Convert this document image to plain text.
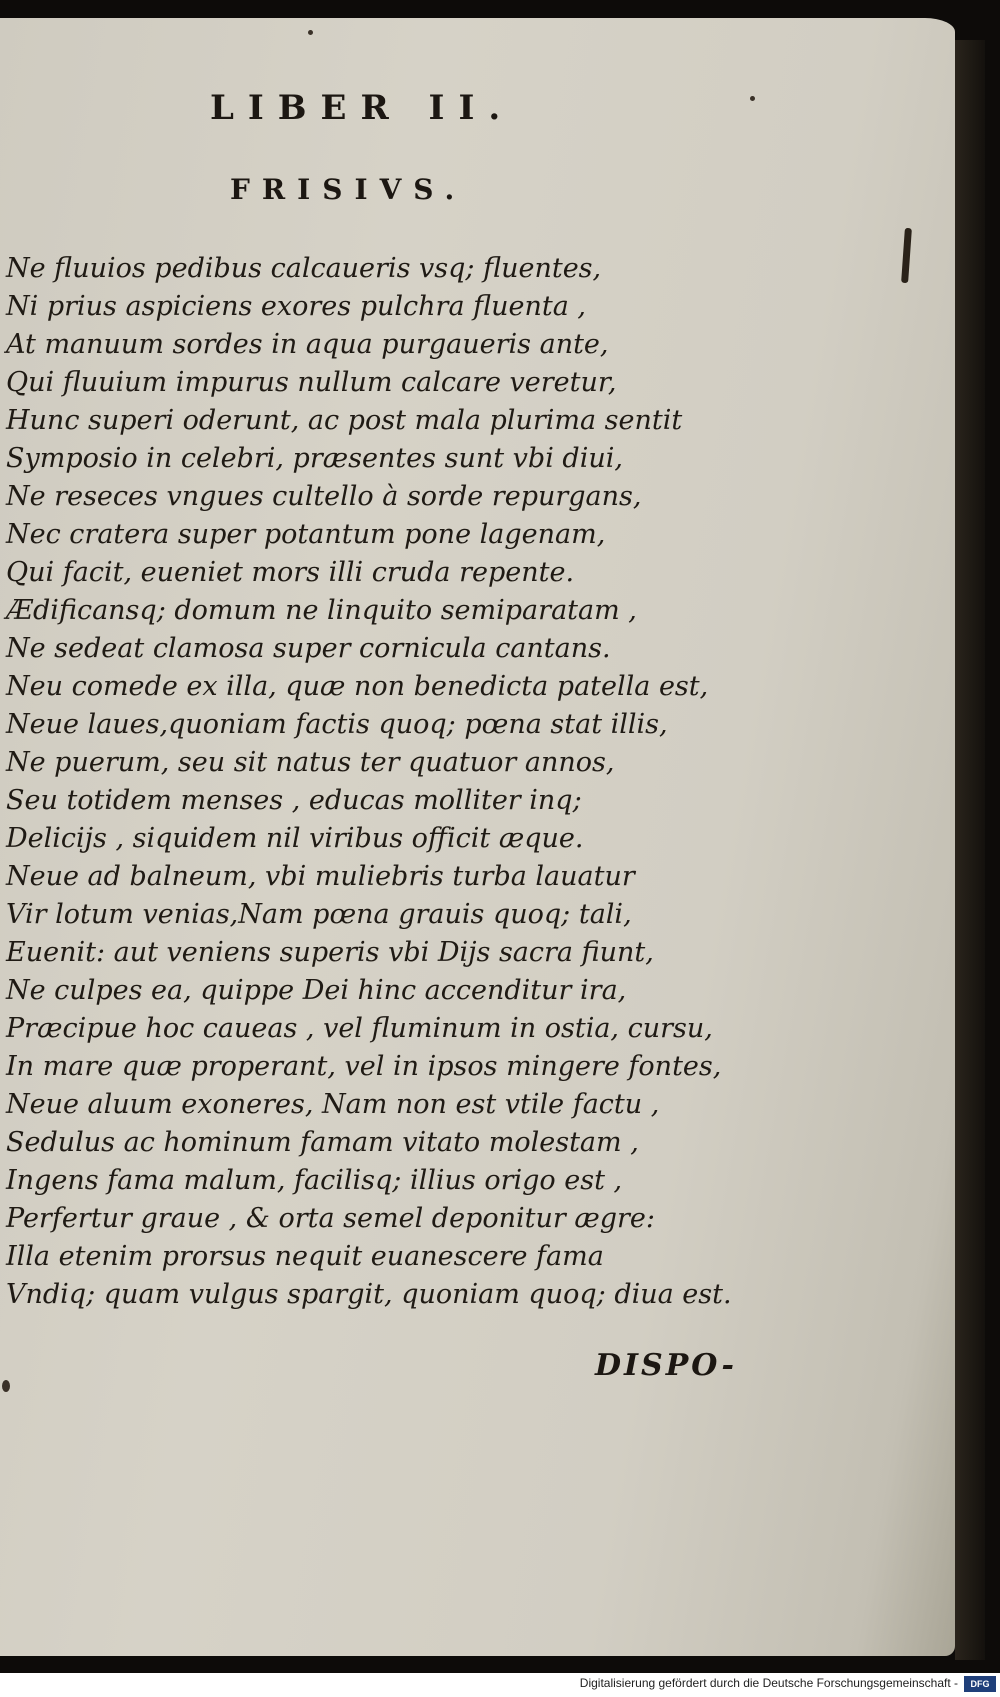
LIBER II.
FRISIVS.
Ne fluuios pedibus calcaueris vsq; fluentes,
Ni prius aspiciens exores pulchra fluenta ,
At manuum sordes in aqua purgaueris ante,
Qui fluuium impurus nullum calcare veretur,
Hunc superi oderunt, ac post mala plurima sentit
Symposio in celebri, præsentes sunt vbi diui,
Ne reseces vngues cultello à sorde repurgans,
Nec cratera super potantum pone lagenam,
Qui facit, eueniet mors illi cruda repente.
Ædificansq; domum ne linquito semiparatam ,
Ne sedeat clamosa super cornicula cantans.
Neu comede ex illa, quæ non benedicta patella est,
Neue laues,quoniam factis quoq; pœna stat illis,
Ne puerum, seu sit natus ter quatuor annos,
Seu totidem menses , educas molliter inq;
Delicijs , siquidem nil viribus officit æque.
Neue ad balneum, vbi muliebris turba lauatur
Vir lotum venias,Nam pœna grauis quoq; tali,
Euenit: aut veniens superis vbi Dijs sacra fiunt,
Ne culpes ea, quippe Dei hinc accenditur ira,
Præcipue hoc caueas , vel fluminum in ostia, cursu,
In mare quæ properant, vel in ipsos mingere fontes,
Neue aluum exoneres, Nam non est vtile factu ,
Sedulus ac hominum famam vitato molestam ,
Ingens fama malum, facilisq; illius origo est ,
Perfertur graue , & orta semel deponitur ægre:
Illa etenim prorsus nequit euanescere fama
Vndiq; quam vulgus spargit, quoniam quoq; diua est.
DISPO-
Digitalisierung gefördert durch die Deutsche Forschungsgemeinschaft -	DFG
